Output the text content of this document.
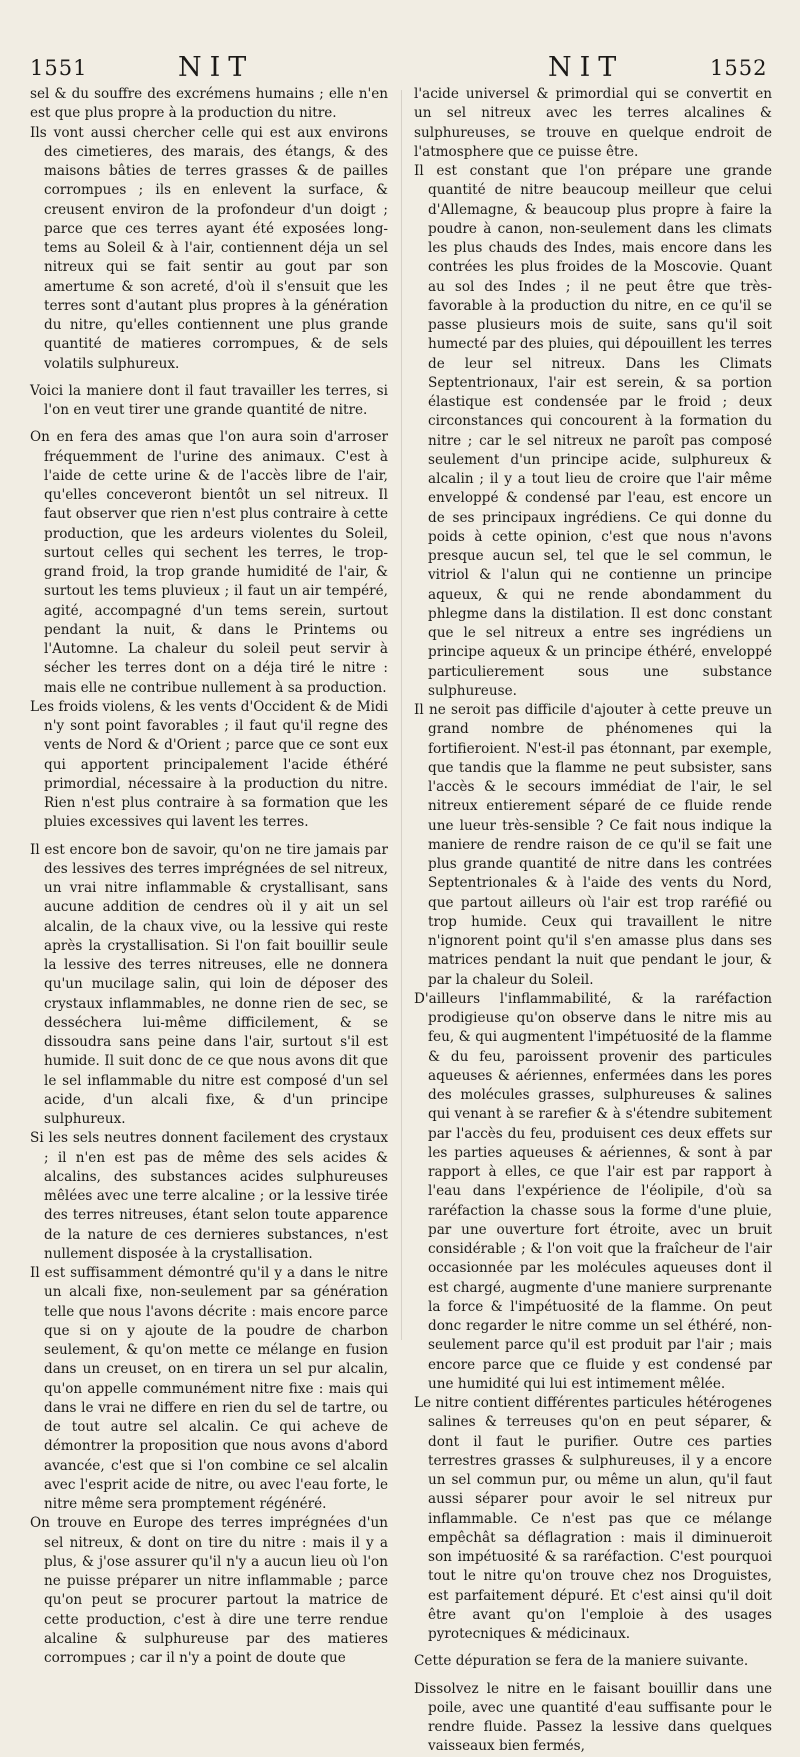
1551	NIT	NIT	1552

sel & du souffre des excrémens humains ; elle n'en est que plus propre à la production du nitre.

Ils vont aussi chercher celle qui est aux environs des cimetieres, des marais, des étangs, & des maisons bâties de terres grasses & de pailles corrompues ; ils en enlevent la surface, & creusent environ de la profondeur d'un doigt ; parce que ces terres ayant été exposées long-tems au Soleil & à l'air, contiennent déja un sel nitreux qui se fait sentir au gout par son amertume & son acreté, d'où il s'ensuit que les terres sont d'autant plus propres à la génération du nitre, qu'elles contiennent une plus grande quantité de matieres corrompues, & de sels volatils sulphureux.

Voici la maniere dont il faut travailler les terres, si l'on en veut tirer une grande quantité de nitre.

On en fera des amas que l'on aura soin d'arroser fréquemment de l'urine des animaux. C'est à l'aide de cette urine & de l'accès libre de l'air, qu'elles conceveront bientôt un sel nitreux. Il faut observer que rien n'est plus contraire à cette production, que les ardeurs violentes du Soleil, surtout celles qui sechent les terres, le trop-grand froid, la trop grande humidité de l'air, & surtout les tems pluvieux ; il faut un air tempéré, agité, accompagné d'un tems serein, surtout pendant la nuit, & dans le Printems ou l'Automne. La chaleur du soleil peut servir à sécher les terres dont on a déja tiré le nitre : mais elle ne contribue nullement à sa production.

Les froids violens, & les vents d'Occident & de Midi n'y sont point favorables ; il faut qu'il regne des vents de Nord & d'Orient ; parce que ce sont eux qui apportent principalement l'acide éthéré primordial, nécessaire à la production du nitre. Rien n'est plus contraire à sa formation que les pluies excessives qui lavent les terres.

Il est encore bon de savoir, qu'on ne tire jamais par des lessives des terres imprégnées de sel nitreux, un vrai nitre inflammable & crystallisant, sans aucune addition de cendres où il y ait un sel alcalin, de la chaux vive, ou la lessive qui reste après la crystallisation. Si l'on fait bouillir seule la lessive des terres nitreuses, elle ne donnera qu'un mucilage salin, qui loin de déposer des crystaux inflammables, ne donne rien de sec, se desséchera lui-même difficilement, & se dissoudra sans peine dans l'air, surtout s'il est humide. Il suit donc de ce que nous avons dit que le sel inflammable du nitre est composé d'un sel acide, d'un alcali fixe, & d'un principe sulphureux.

Si les sels neutres donnent facilement des crystaux ; il n'en est pas de même des sels acides & alcalins, des substances acides sulphureuses mêlées avec une terre alcaline ; or la lessive tirée des terres nitreuses, étant selon toute apparence de la nature de ces dernieres substances, n'est nullement disposée à la crystallisation.

Il est suffisamment démontré qu'il y a dans le nitre un alcali fixe, non-seulement par sa génération telle que nous l'avons décrite : mais encore parce que si on y ajoute de la poudre de charbon seulement, & qu'on mette ce mélange en fusion dans un creuset, on en tirera un sel pur alcalin, qu'on appelle communément nitre fixe : mais qui dans le vrai ne differe en rien du sel de tartre, ou de tout autre sel alcalin. Ce qui acheve de démontrer la proposition que nous avons d'abord avancée, c'est que si l'on combine ce sel alcalin avec l'esprit acide de nitre, ou avec l'eau forte, le nitre même sera promptement régénéré.

On trouve en Europe des terres imprégnées d'un sel nitreux, & dont on tire du nitre : mais il y a plus, & j'ose assurer qu'il n'y a aucun lieu où l'on ne puisse préparer un nitre inflammable ; parce qu'on peut se procurer partout la matrice de cette production, c'est à dire une terre rendue alcaline & sulphureuse par des matieres corrompues ; car il n'y a point de doute que

l'acide universel & primordial qui se convertit en un sel nitreux avec les terres alcalines & sulphureuses, se trouve en quelque endroit de l'atmosphere que ce puisse être.

Il est constant que l'on prépare une grande quantité de nitre beaucoup meilleur que celui d'Allemagne, & beaucoup plus propre à faire la poudre à canon, non-seulement dans les climats les plus chauds des Indes, mais encore dans les contrées les plus froides de la Moscovie. Quant au sol des Indes ; il ne peut être que très-favorable à la production du nitre, en ce qu'il se passe plusieurs mois de suite, sans qu'il soit humecté par des pluies, qui dépouillent les terres de leur sel nitreux. Dans les Climats Septentrionaux, l'air est serein, & sa portion élastique est condensée par le froid ; deux circonstances qui concourent à la formation du nitre ; car le sel nitreux ne paroît pas composé seulement d'un principe acide, sulphureux & alcalin ; il y a tout lieu de croire que l'air même enveloppé & condensé par l'eau, est encore un de ses principaux ingrédiens. Ce qui donne du poids à cette opinion, c'est que nous n'avons presque aucun sel, tel que le sel commun, le vitriol & l'alun qui ne contienne un principe aqueux, & qui ne rende abondamment du phlegme dans la distilation. Il est donc constant que le sel nitreux a entre ses ingrédiens un principe aqueux & un principe éthéré, enveloppé particulierement sous une substance sulphureuse.

Il ne seroit pas difficile d'ajouter à cette preuve un grand nombre de phénomenes qui la fortifieroient. N'est-il pas étonnant, par exemple, que tandis que la flamme ne peut subsister, sans l'accès & le secours immédiat de l'air, le sel nitreux entierement séparé de ce fluide rende une lueur très-sensible ? Ce fait nous indique la maniere de rendre raison de ce qu'il se fait une plus grande quantité de nitre dans les contrées Septentrionales & à l'aide des vents du Nord, que partout ailleurs où l'air est trop raréfié ou trop humide. Ceux qui travaillent le nitre n'ignorent point qu'il s'en amasse plus dans ses matrices pendant la nuit que pendant le jour, & par la chaleur du Soleil.

D'ailleurs l'inflammabilité, & la raréfaction prodigieuse qu'on observe dans le nitre mis au feu, & qui augmentent l'impétuosité de la flamme & du feu, paroissent provenir des particules aqueuses & aériennes, enfermées dans les pores des molécules grasses, sulphureuses & salines qui venant à se rarefier & à s'étendre subitement par l'accès du feu, produisent ces deux effets sur les parties aqueuses & aériennes, & sont à par rapport à elles, ce que l'air est par rapport à l'eau dans l'expérience de l'éolipile, d'où sa raréfaction la chasse sous la forme d'une pluie, par une ouverture fort étroite, avec un bruit considérable ; & l'on voit que la fraîcheur de l'air occasionnée par les molécules aqueuses dont il est chargé, augmente d'une maniere surprenante la force & l'impétuosité de la flamme. On peut donc regarder le nitre comme un sel éthéré, non-seulement parce qu'il est produit par l'air ; mais encore parce que ce fluide y est condensé par une humidité qui lui est intimement mêlée.

Le nitre contient différentes particules hétérogenes salines & terreuses qu'on en peut séparer, & dont il faut le purifier. Outre ces parties terrestres grasses & sulphureuses, il y a encore un sel commun pur, ou même un alun, qu'il faut aussi séparer pour avoir le sel nitreux pur inflammable. Ce n'est pas que ce mélange empêchât sa déflagration : mais il diminueroit son impétuosité & sa raréfaction. C'est pourquoi tout le nitre qu'on trouve chez nos Droguistes, est parfaitement dépuré. Et c'est ainsi qu'il doit être avant qu'on l'emploie à des usages pyrotecniques & médicinaux.

Cette dépuration se fera de la maniere suivante.

Dissolvez le nitre en le faisant bouillir dans une poile, avec une quantité d'eau suffisante pour le rendre fluide. Passez la lessive dans quelques vaisseaux bien fermés,
